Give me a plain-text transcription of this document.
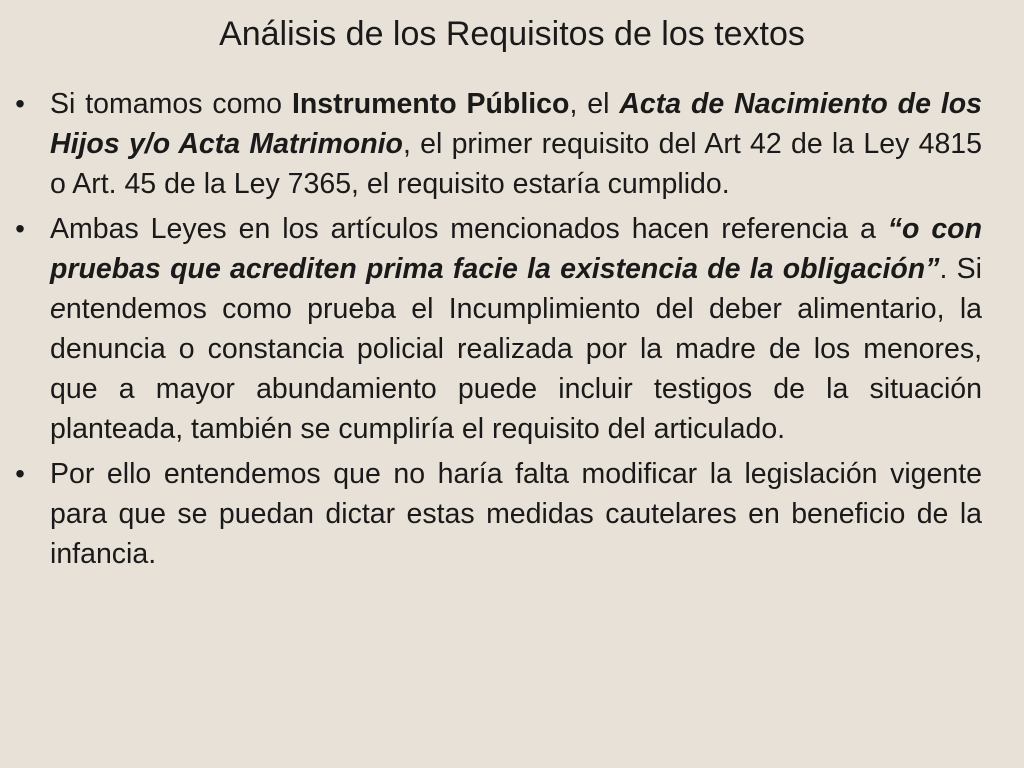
Análisis de los Requisitos de los textos
• Si tomamos como Instrumento Público, el Acta de Nacimiento de los Hijos y/o Acta Matrimonio, el primer requisito del Art 42 de la Ley 4815 o Art. 45 de la Ley 7365, el requisito estaría cumplido.
• Ambas Leyes en los artículos mencionados hacen referencia a “o con pruebas que acrediten prima facie la existencia de la obligación”. Si entendemos como prueba el Incumplimiento del deber alimentario, la denuncia o constancia policial realizada por la madre de los menores, que a mayor abundamiento puede incluir testigos de la situación planteada, también se cumpliría el requisito del articulado.
• Por ello entendemos que no haría falta modificar la legislación vigente para que se puedan dictar estas medidas cautelares en beneficio de la infancia.
